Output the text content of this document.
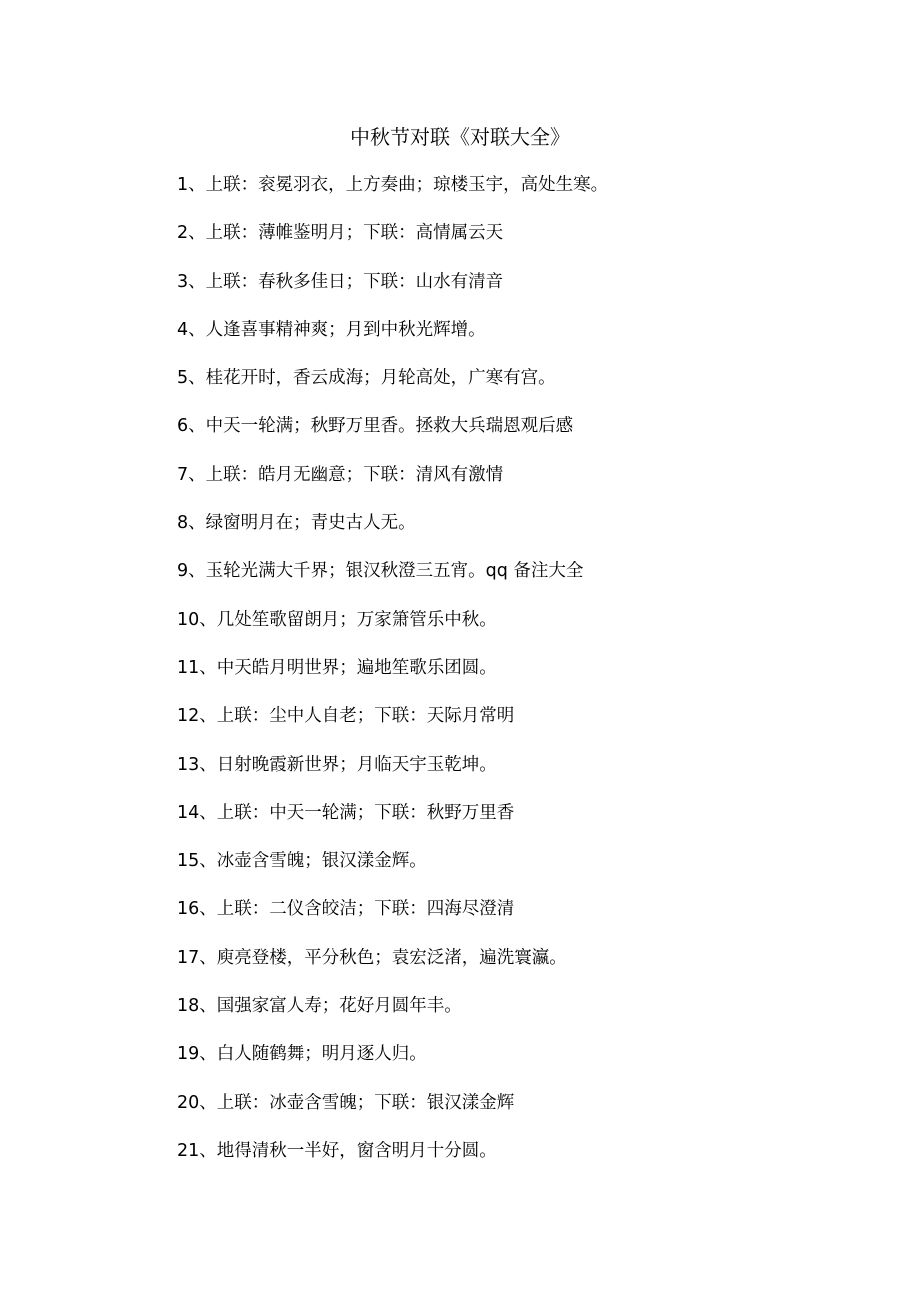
中秋节对联《对联大全》
1、上联：衮冕羽衣，上方奏曲；琼楼玉宇，高处生寒。
2、上联：薄帷鉴明月；下联：高情属云天
3、上联：春秋多佳日；下联：山水有清音
4、人逢喜事精神爽；月到中秋光辉增。
5、桂花开时，香云成海；月轮高处，广寒有宫。
6、中天一轮满；秋野万里香。拯救大兵瑞恩观后感
7、上联：皓月无幽意；下联：清风有激情
8、绿窗明月在；青史古人无。
9、玉轮光满大千界；银汉秋澄三五宵。qq 备注大全
10、几处笙歌留朗月；万家箫管乐中秋。
11、中天皓月明世界；遍地笙歌乐团圆。
12、上联：尘中人自老；下联：天际月常明
13、日射晚霞新世界；月临天宇玉乾坤。
14、上联：中天一轮满；下联：秋野万里香
15、冰壶含雪魄；银汉漾金辉。
16、上联：二仪含皎洁；下联：四海尽澄清
17、庾亮登楼，平分秋色；袁宏泛渚，遍洗寰瀛。
18、国强家富人寿；花好月圆年丰。
19、白人随鹤舞；明月逐人归。
20、上联：冰壶含雪魄；下联：银汉漾金辉
21、地得清秋一半好，窗含明月十分圆。
